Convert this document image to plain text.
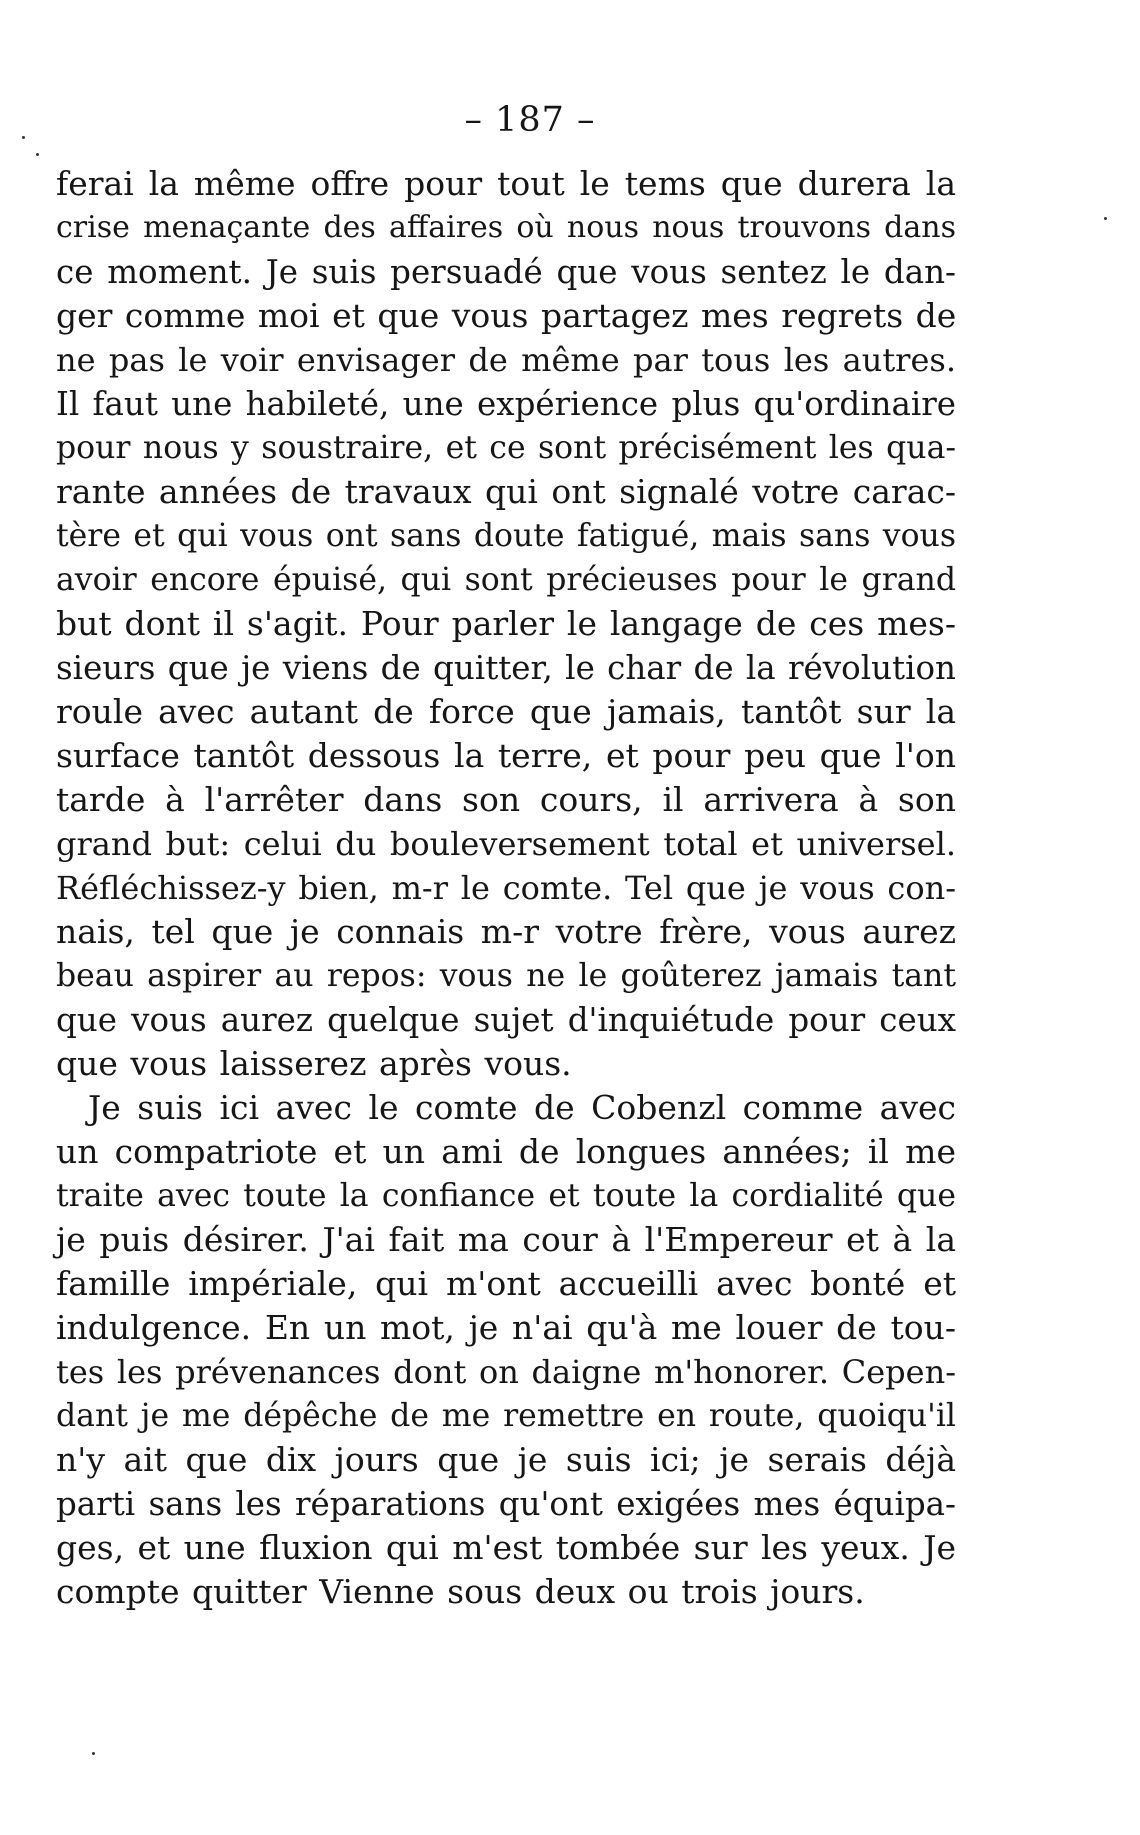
– 187 –
ferai la même offre pour tout le tems que durera la
crise menaçante des affaires où nous nous trouvons dans
ce moment. Je suis persuadé que vous sentez le dan-
ger comme moi et que vous partagez mes regrets de
ne pas le voir envisager de même par tous les autres.
Il faut une habileté, une expérience plus qu'ordinaire
pour nous y soustraire, et ce sont précisément les qua-
rante années de travaux qui ont signalé votre carac-
tère et qui vous ont sans doute fatigué, mais sans vous
avoir encore épuisé, qui sont précieuses pour le grand
but dont il s'agit. Pour parler le langage de ces mes-
sieurs que je viens de quitter, le char de la révolution
roule avec autant de force que jamais, tantôt sur la
surface tantôt dessous la terre, et pour peu que l'on
tarde à l'arrêter dans son cours, il arrivera à son
grand but: celui du bouleversement total et universel.
Réfléchissez-y bien, m-r le comte. Tel que je vous con-
nais, tel que je connais m-r votre frère, vous aurez
beau aspirer au repos: vous ne le goûterez jamais tant
que vous aurez quelque sujet d'inquiétude pour ceux
que vous laisserez après vous.
Je suis ici avec le comte de Cobenzl comme avec
un compatriote et un ami de longues années; il me
traite avec toute la confiance et toute la cordialité que
je puis désirer. J'ai fait ma cour à l'Empereur et à la
famille impériale, qui m'ont accueilli avec bonté et
indulgence. En un mot, je n'ai qu'à me louer de tou-
tes les prévenances dont on daigne m'honorer. Cepen-
dant je me dépêche de me remettre en route, quoiqu'il
n'y ait que dix jours que je suis ici; je serais déjà
parti sans les réparations qu'ont exigées mes équipa-
ges, et une fluxion qui m'est tombée sur les yeux. Je
compte quitter Vienne sous deux ou trois jours.
